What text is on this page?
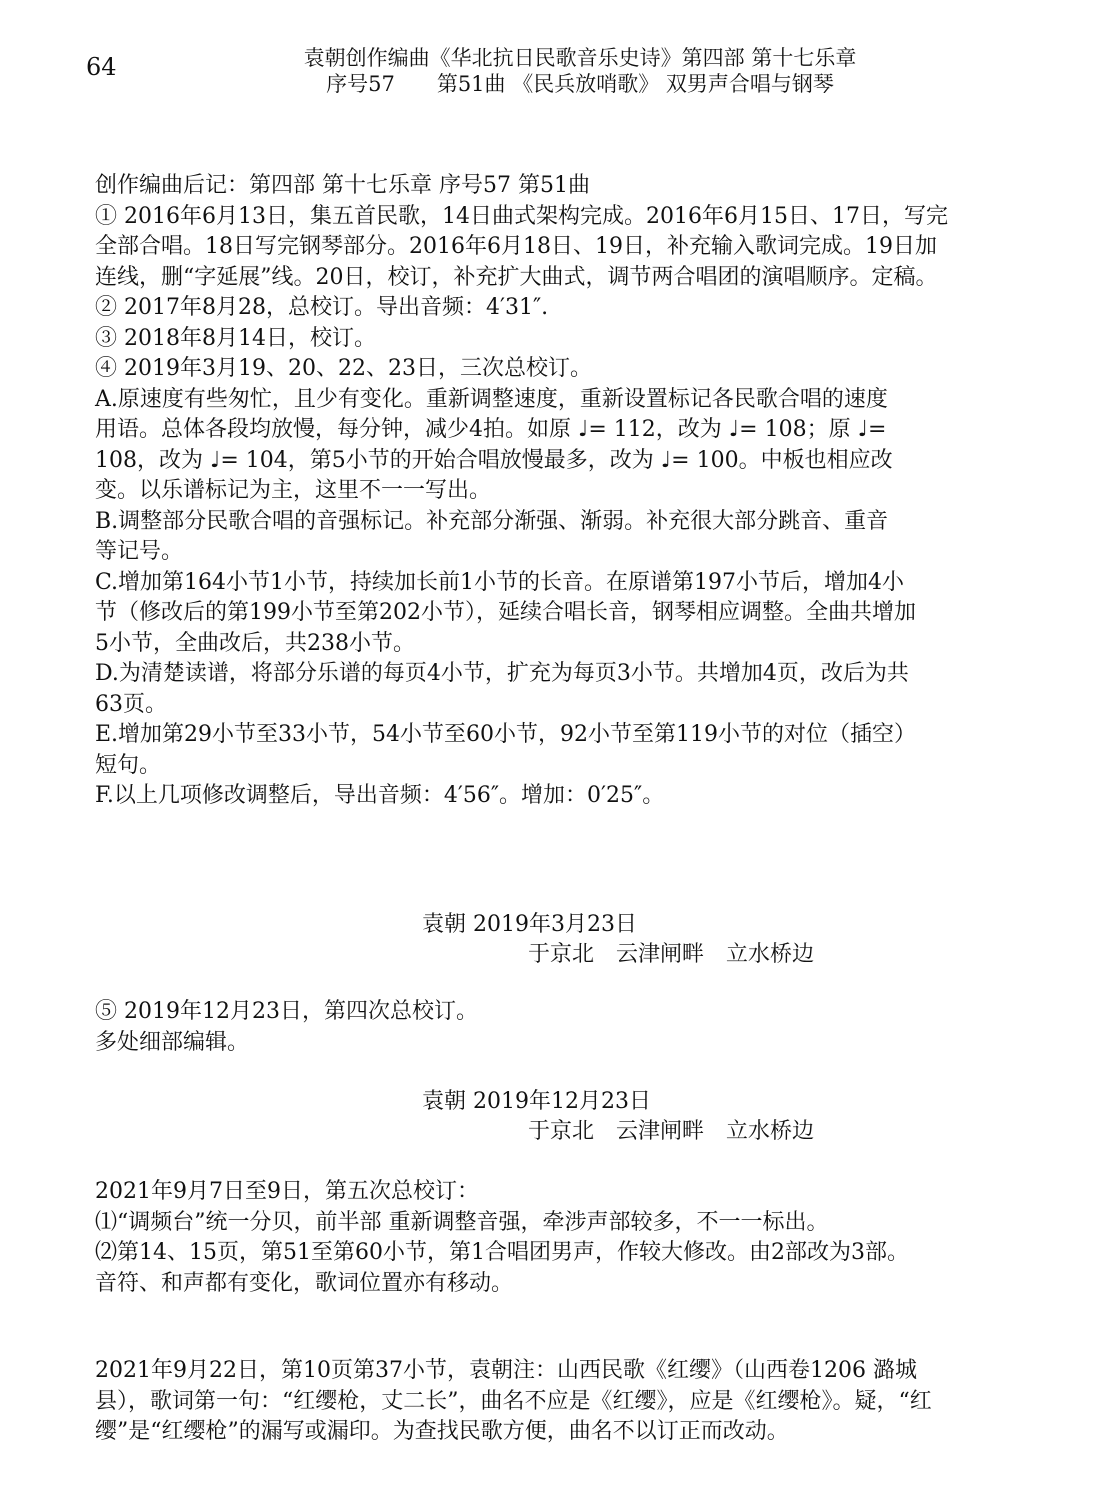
64	袁朝创作编曲《华北抗日民歌音乐史诗》第四部 第十七乐章
序号57　　第51曲 《民兵放哨歌》 双男声合唱与钢琴

创作编曲后记：第四部 第十七乐章 序号57 第51曲

① 2016年6月13日，集五首民歌，14日曲式架构完成。2016年6月15日、17日，写完全部合唱。18日写完钢琴部分。2016年6月18日、19日，补充输入歌词完成。19日加连线，删“字延展”线。20日，校订，补充扩大曲式，调节两合唱团的演唱顺序。定稿。

② 2017年8月28，总校订。导出音频：4′31″.

③ 2018年8月14日，校订。

④ 2019年3月19、20、22、23日，三次总校订。

A.原速度有些匆忙，且少有变化。重新调整速度，重新设置标记各民歌合唱的速度用语。总体各段均放慢，每分钟，减少4拍。如原 ♩= 112，改为 ♩= 108；原 ♩= 108，改为 ♩= 104，第5小节的开始合唱放慢最多，改为 ♩= 100。中板也相应改变。以乐谱标记为主，这里不一一写出。

B.调整部分民歌合唱的音强标记。补充部分渐强、渐弱。补充很大部分跳音、重音等记号。

C.增加第164小节1小节，持续加长前1小节的长音。在原谱第197小节后，增加4小节（修改后的第199小节至第202小节），延续合唱长音，钢琴相应调整。全曲共增加5小节，全曲改后，共238小节。

D.为清楚读谱，将部分乐谱的每页4小节，扩充为每页3小节。共增加4页，改后为共63页。

E.增加第29小节至33小节，54小节至60小节，92小节至第119小节的对位（插空）短句。

F.以上几项修改调整后，导出音频：4′56″。增加：0′25″。

袁朝 2019年3月23日
于京北　云津闸畔　立水桥边

⑤ 2019年12月23日，第四次总校订。

多处细部编辑。

袁朝 2019年12月23日
于京北　云津闸畔　立水桥边

2021年9月7日至9日，第五次总校订：

⑴“调频台”统一分贝，前半部 重新调整音强，牵涉声部较多，不一一标出。

⑵第14、15页，第51至第60小节，第1合唱团男声，作较大修改。由2部改为3部。音符、和声都有变化，歌词位置亦有移动。

2021年9月22日，第10页第37小节，袁朝注：山西民歌《红缨》（山西卷1206 潞城县），歌词第一句：“红缨枪，丈二长”，曲名不应是《红缨》，应是《红缨枪》。疑，“红缨”是“红缨枪”的漏写或漏印。为查找民歌方便，曲名不以订正而改动。
